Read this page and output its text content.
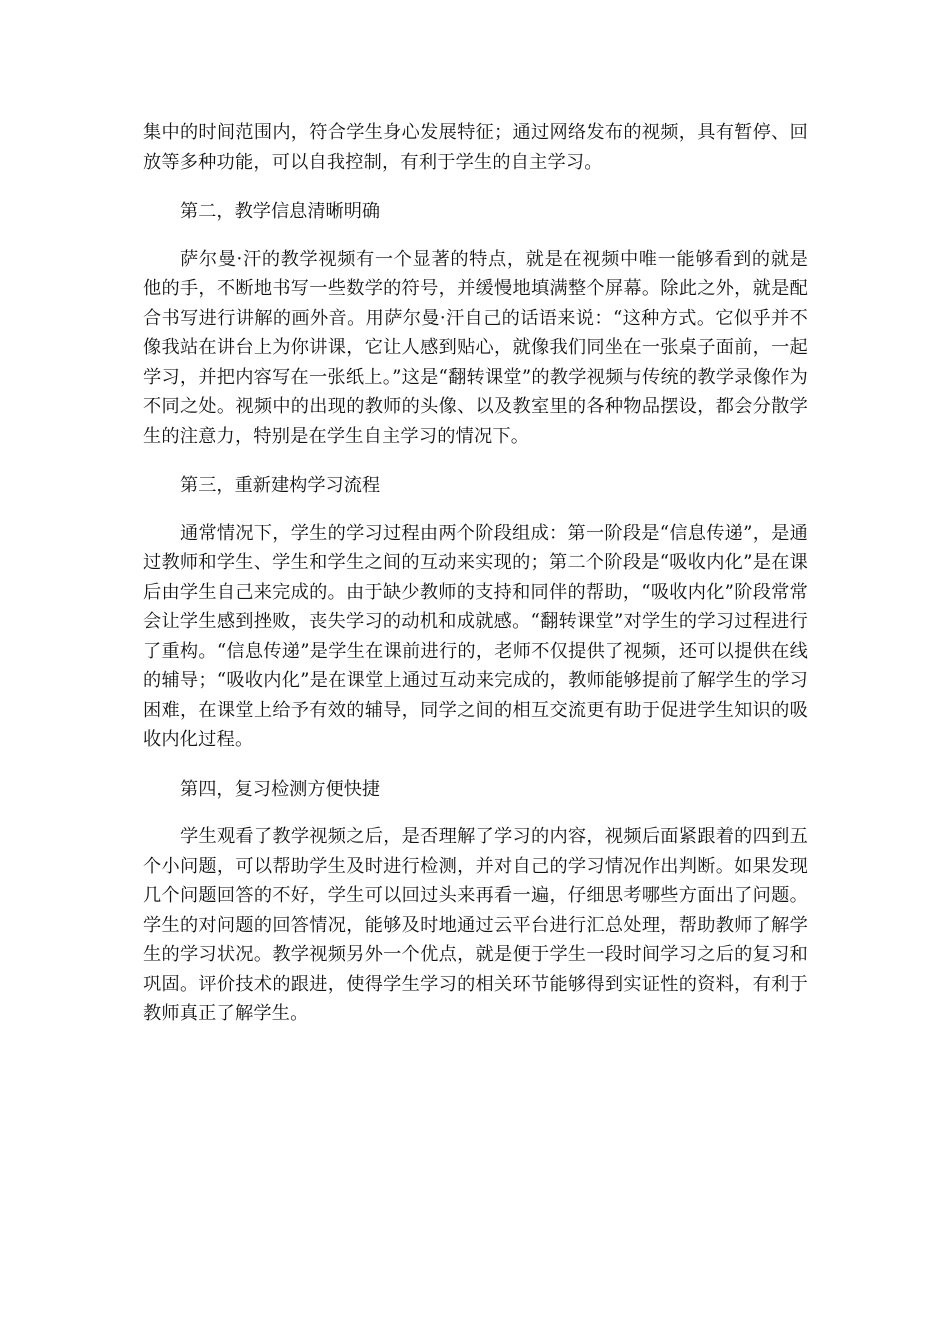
集中的时间范围内，符合学生身心发展特征；通过网络发布的视频，具有暂停、回放等多种功能，可以自我控制，有利于学生的自主学习。

第二，教学信息清晰明确

萨尔曼·汗的教学视频有一个显著的特点，就是在视频中唯一能够看到的就是他的手，不断地书写一些数学的符号，并缓慢地填满整个屏幕。除此之外，就是配合书写进行讲解的画外音。用萨尔曼·汗自己的话语来说：“这种方式。它似乎并不像我站在讲台上为你讲课，它让人感到贴心，就像我们同坐在一张桌子面前，一起学习，并把内容写在一张纸上。”这是“翻转课堂”的教学视频与传统的教学录像作为不同之处。视频中的出现的教师的头像、以及教室里的各种物品摆设，都会分散学生的注意力，特别是在学生自主学习的情况下。

第三，重新建构学习流程

通常情况下，学生的学习过程由两个阶段组成：第一阶段是“信息传递”，是通过教师和学生、学生和学生之间的互动来实现的；第二个阶段是“吸收内化”是在课后由学生自己来完成的。由于缺少教师的支持和同伴的帮助，“吸收内化”阶段常常会让学生感到挫败，丧失学习的动机和成就感。“翻转课堂”对学生的学习过程进行了重构。“信息传递”是学生在课前进行的，老师不仅提供了视频，还可以提供在线的辅导；“吸收内化”是在课堂上通过互动来完成的，教师能够提前了解学生的学习困难，在课堂上给予有效的辅导，同学之间的相互交流更有助于促进学生知识的吸收内化过程。

第四，复习检测方便快捷

学生观看了教学视频之后，是否理解了学习的内容，视频后面紧跟着的四到五个小问题，可以帮助学生及时进行检测，并对自己的学习情况作出判断。如果发现几个问题回答的不好，学生可以回过头来再看一遍，仔细思考哪些方面出了问题。学生的对问题的回答情况，能够及时地通过云平台进行汇总处理，帮助教师了解学生的学习状况。教学视频另外一个优点，就是便于学生一段时间学习之后的复习和巩固。评价技术的跟进，使得学生学习的相关环节能够得到实证性的资料，有利于教师真正了解学生。
